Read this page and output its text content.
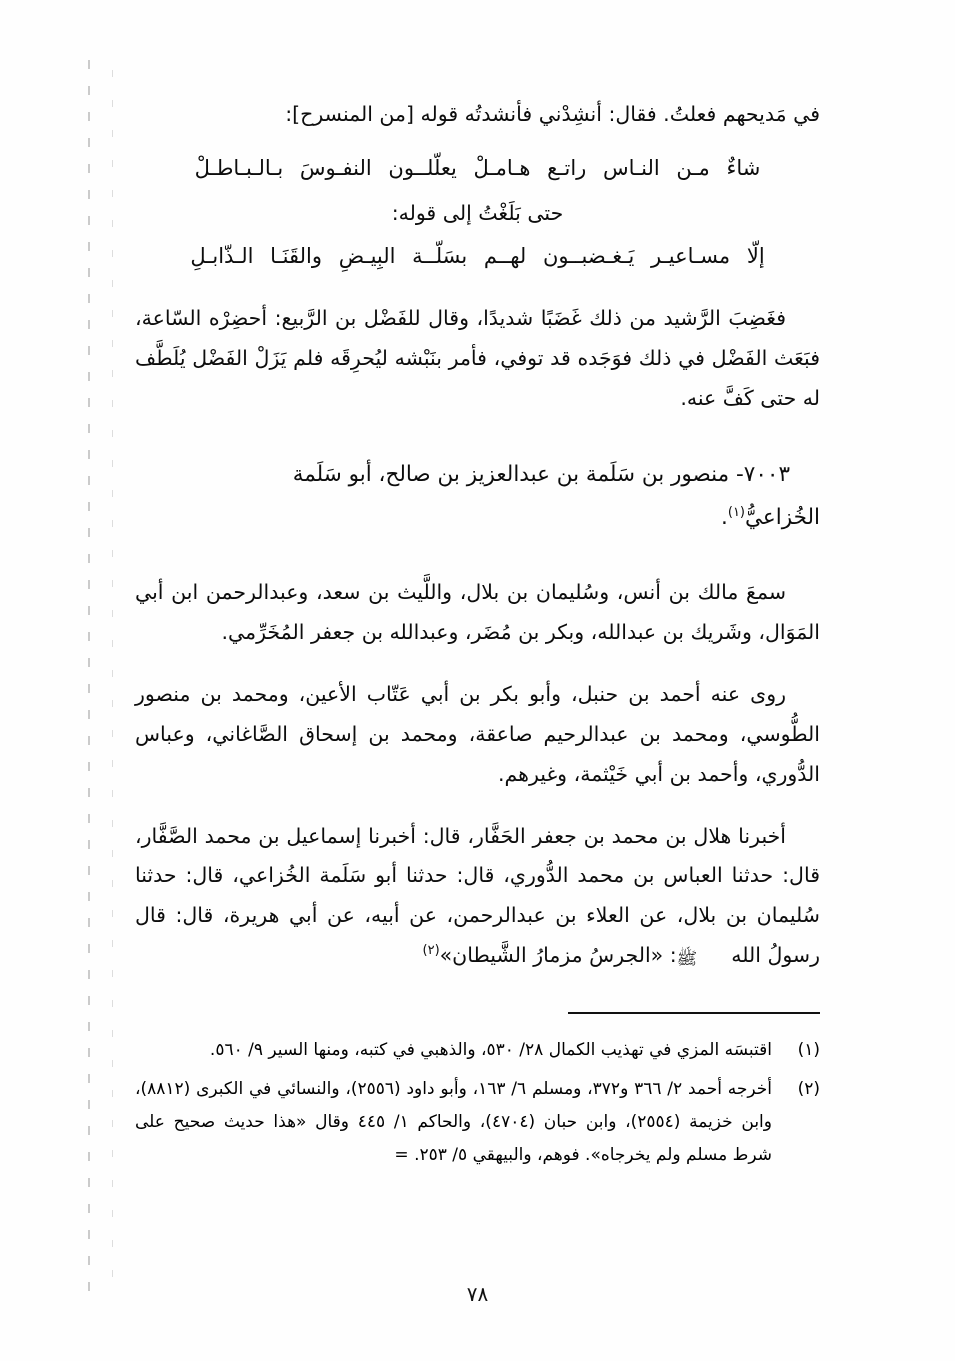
في مَديحهم فعلتُ. فقال: أنشِدْني فأنشدتُه قوله [من المنسرح]:

شاءٌ مـن النـاس راتـع هـامـلْ يعلّلــون النفـوسَ بـالـبـاطـلْ

حتى بَلَغْتُ إلى قوله:

إلّا مسـاعيـر يَـغـضبــون لهــم بسَلّــة البِيـضِ والقَنَـا الـذّابـلِ

فغَضِبَ الرَّشيد من ذلك غَضَبًا شديدًا، وقال للفَضْل بن الرَّبيع: أحضِرْه السّاعة، فبَعَث الفَضْل في ذلك فوَجَده قد توفي، فأمر بنَبْشه ليُحرِقَه فلم يَزَلْ الفَضْل يُلَطَّف له حتى كَفَّ عنه.

٧٠٠٣- منصور بن سَلَمة بن عبدالعزيز بن صالح، أبو سَلَمة
الخُزاعيُّ$^{(١)}$.

سمعَ مالك بن أنس، وسُليمان بن بلال، واللَّيث بن سعد، وعبدالرحمن ابن أبي المَوَال، وشَريك بن عبدالله، وبكر بن مُضَر، وعبدالله بن جعفر المُخَرِّمي.

روى عنه أحمد بن حنبل، وأبو بكر بن أبي عَتّاب الأعين، ومحمد بن منصور الطُّوسي، ومحمد بن عبدالرحيم صاعقة، ومحمد بن إسحاق الصَّاغاني، وعباس الدُّوري، وأحمد بن أبي خَيْثمة، وغيرهم.

أخبرنا هلال بن محمد بن جعفر الحَفَّار، قال: أخبرنا إسماعيل بن محمد الصَّفَّار، قال: حدثنا العباس بن محمد الدُّوري، قال: حدثنا أبو سَلَمة الخُزاعي، قال: حدثنا سُليمان بن بلال، عن العلاء بن عبدالرحمن، عن أبيه، عن أبي هريرة، قال: قال رسولُ اللهﷺ: «الجرسُ مزمارُ الشَّيطان»$^{(٢)}$

(١)
اقتبسَه المزي في تهذيب الكمال ٢٨/ ٥٣٠، والذهبي في كتبه، ومنها السير ٩/ ٥٦٠.
(٢)
أخرجه أحمد ٢/ ٣٦٦ و٣٧٢، ومسلم ٦/ ١٦٣، وأبو داود (٢٥٥٦)، والنسائي في الكبرى (٨٨١٢)، وابن خزيمة (٢٥٥٤)، وابن حبان (٤٧٠٤)، والحاكم ١/ ٤٤٥ وقال «هذا حديث صحيح على شرط مسلم ولم يخرجاه». فوهم، والبيهقي ٥/ ٢٥٣. =
٧٨
